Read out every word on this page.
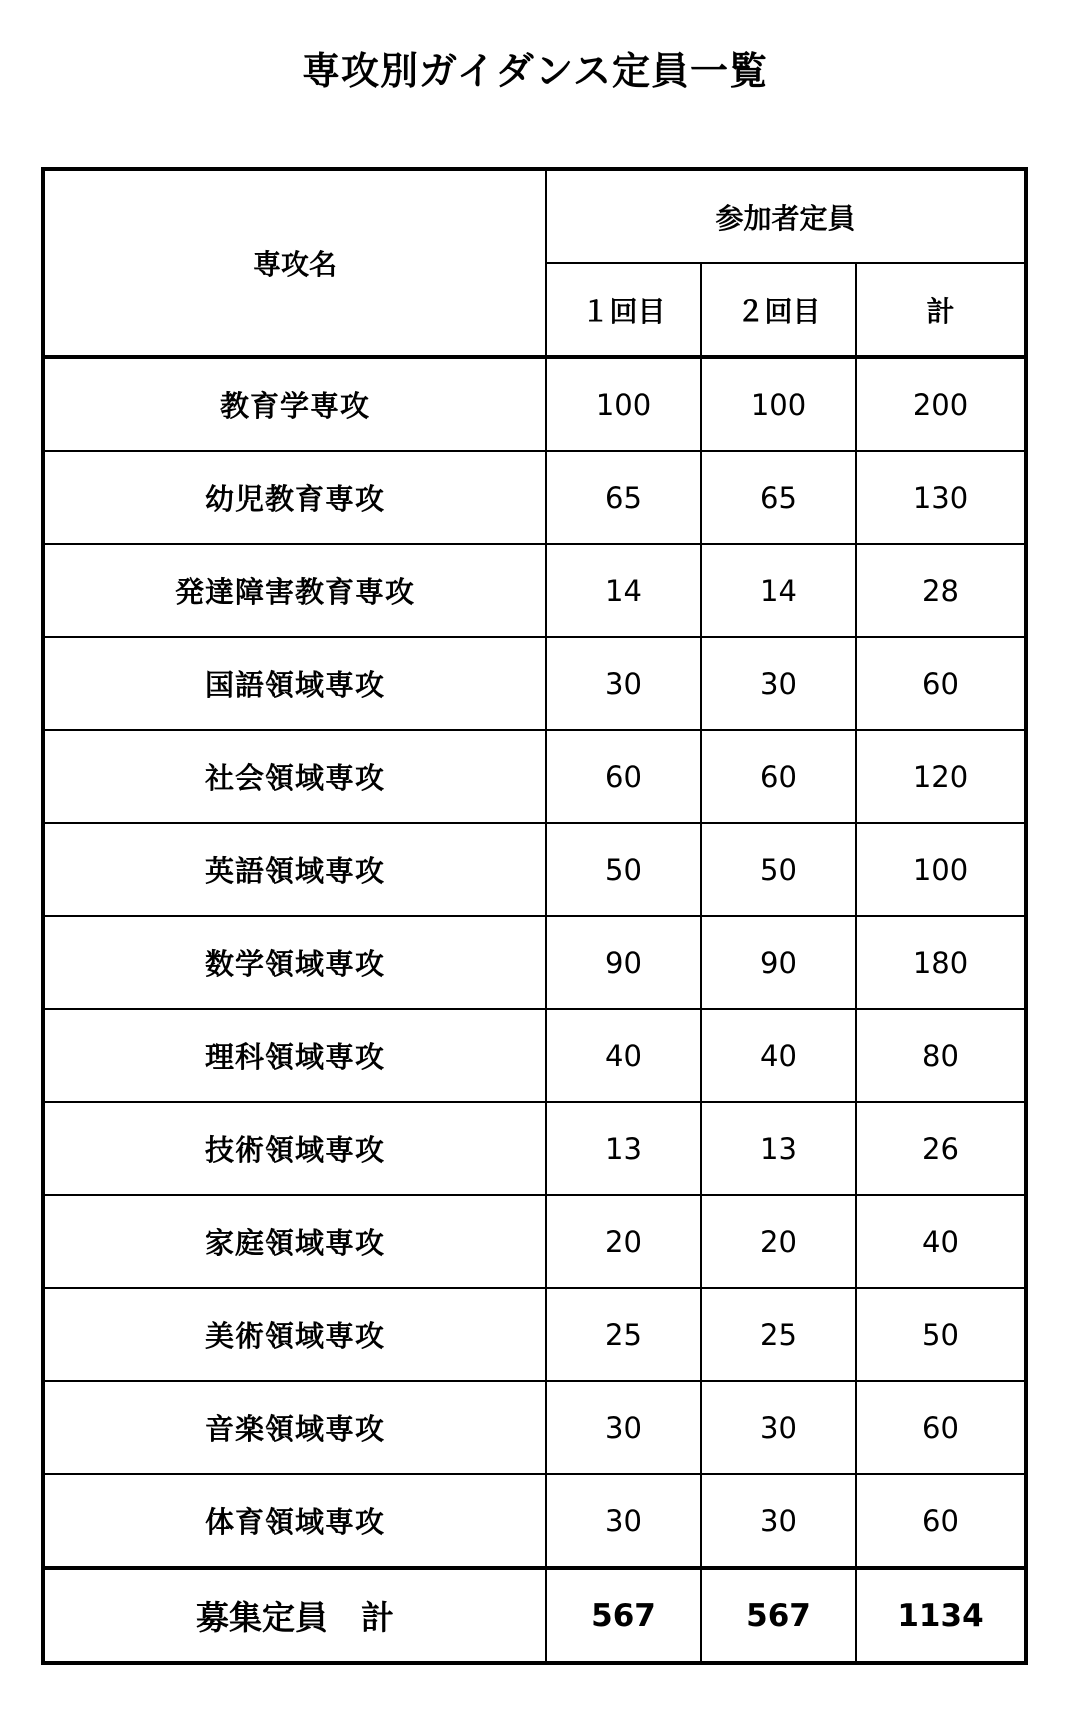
専攻別ガイダンス定員一覧
専攻名	参加者定員		
	１回目	２回目	計
教育学専攻	100	100	200
幼児教育専攻	65	65	130
発達障害教育専攻	14	14	28
国語領域専攻	30	30	60
社会領域専攻	60	60	120
英語領域専攻	50	50	100
数学領域専攻	90	90	180
理科領域専攻	40	40	80
技術領域専攻	13	13	26
家庭領域専攻	20	20	40
美術領域専攻	25	25	50
音楽領域専攻	30	30	60
体育領域専攻	30	30	60
募集定員　計	567	567	1134
